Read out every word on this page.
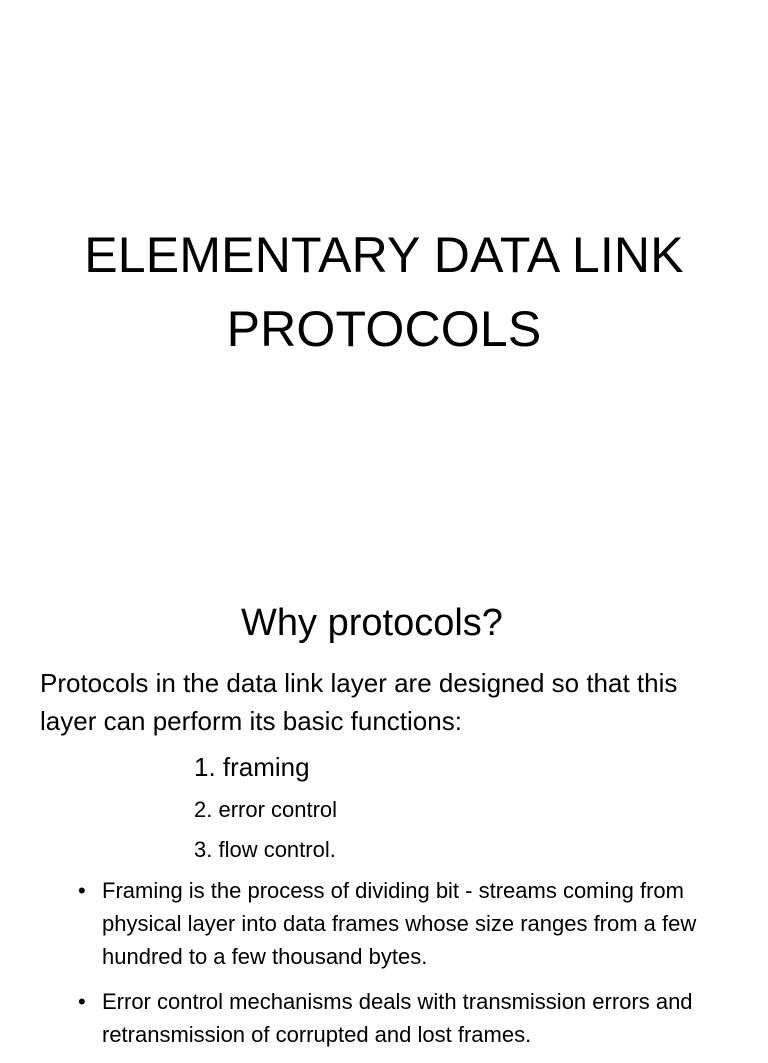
ELEMENTARY DATA LINK
PROTOCOLS
Why protocols?
Protocols in the data link layer are designed so that this layer can perform its basic functions:
1. framing
2. error control
3. flow control.
• Framing is the process of dividing bit - streams coming from physical layer into data frames whose size ranges from a few hundred to a few thousand bytes.
• Error control mechanisms deals with transmission errors and retransmission of corrupted and lost frames.
